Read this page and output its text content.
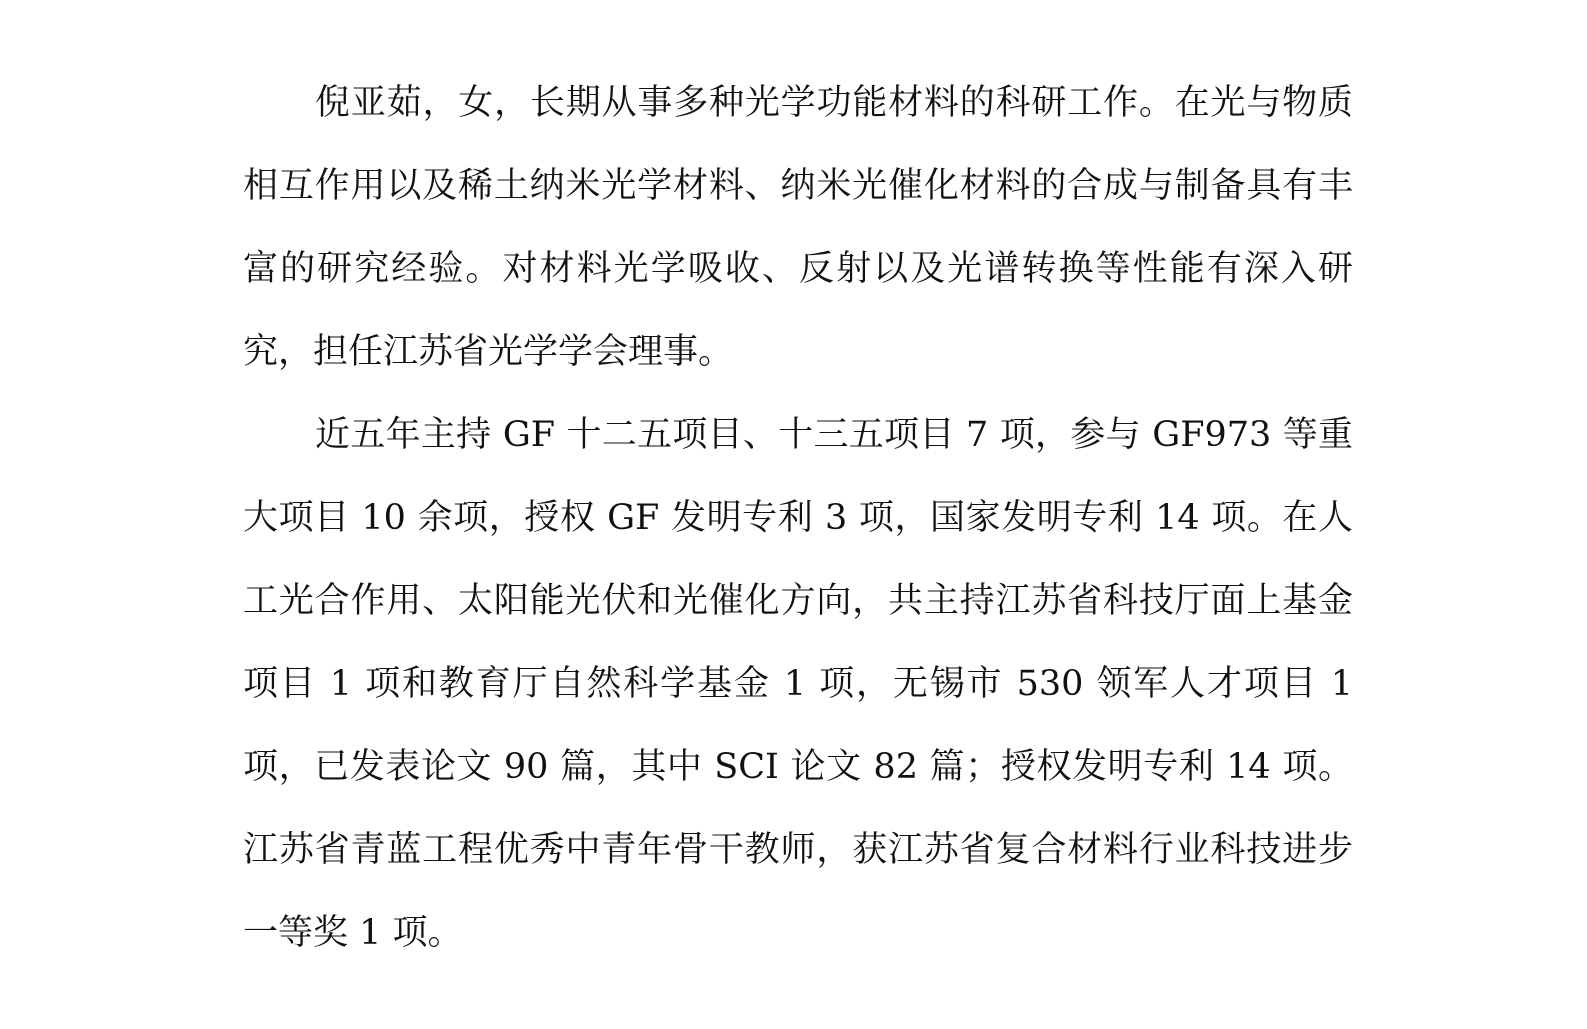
倪亚茹，女，长期从事多种光学功能材料的科研工作。在光与物质相互作用以及稀土纳米光学材料、纳米光催化材料的合成与制备具有丰富的研究经验。对材料光学吸收、反射以及光谱转换等性能有深入研究，担任江苏省光学学会理事。

近五年主持 GF 十二五项目、十三五项目 7 项，参与 GF973 等重大项目 10 余项，授权 GF 发明专利 3 项，国家发明专利 14 项。在人工光合作用、太阳能光伏和光催化方向，共主持江苏省科技厅面上基金项目 1 项和教育厅自然科学基金 1 项，无锡市 530 领军人才项目 1 项，已发表论文 90 篇，其中 SCI 论文 82 篇；授权发明专利 14 项。江苏省青蓝工程优秀中青年骨干教师，获江苏省复合材料行业科技进步一等奖 1 项。
